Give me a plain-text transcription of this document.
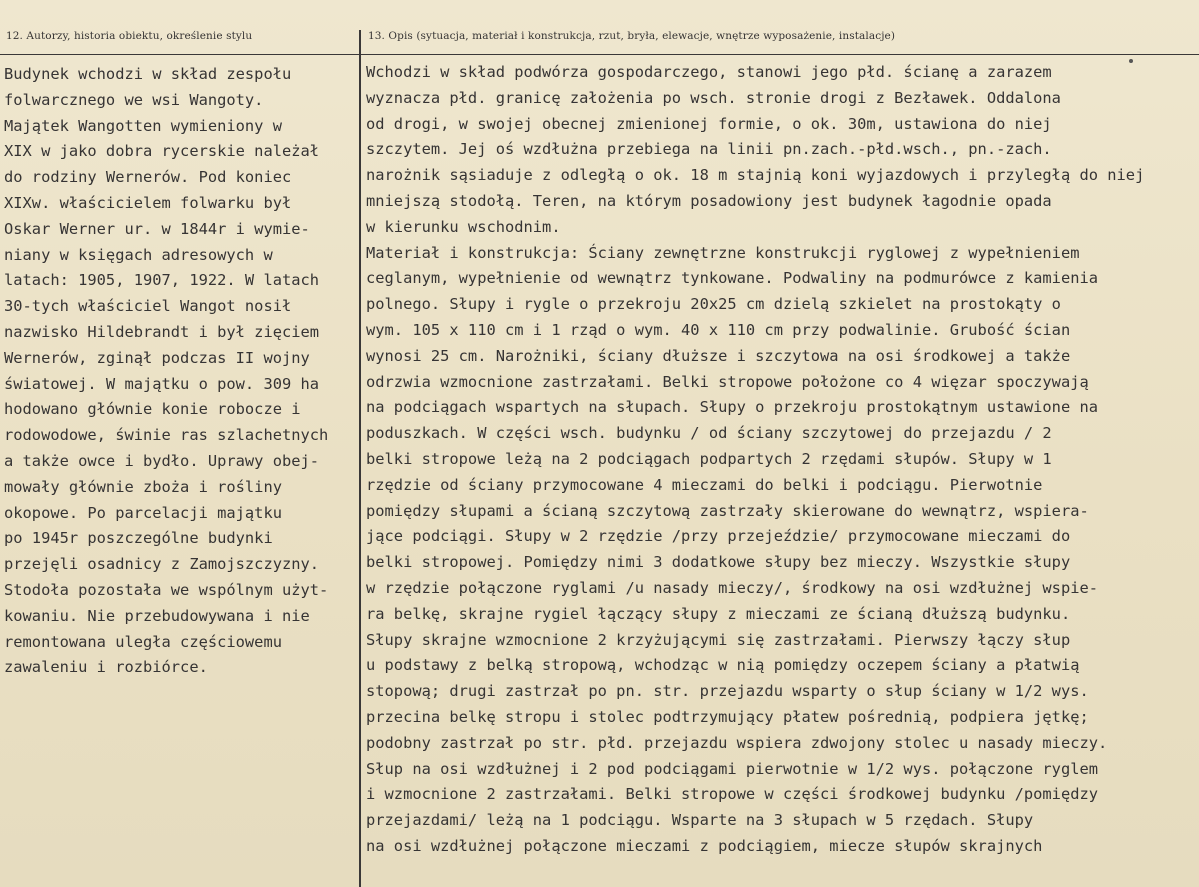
12. Autorzy, historia obiektu, określenie stylu	13. Opis (sytuacja, materiał i konstrukcja, rzut, bryła, elewacje, wnętrze wyposażenie, instalacje)
Budynek wchodzi w skład zespołu
folwarcznego we wsi Wangoty.
Majątek Wangotten wymieniony w
XIX w jako dobra rycerskie należał
do rodziny Wernerów. Pod koniec
XIXw. właścicielem folwarku był
Oskar Werner ur. w 1844r i wymie-
niany w księgach adresowych w
latach: 1905, 1907, 1922. W latach
30-tych właściciel Wangot nosił
nazwisko Hildebrandt i był zięciem
Wernerów, zginął podczas II wojny
światowej. W majątku o pow. 309 ha
hodowano głównie konie robocze i
rodowodowe, świnie ras szlachetnych
a także owce i bydło. Uprawy obej-
mowały głównie zboża i rośliny
okopowe. Po parcelacji majątku
po 1945r poszczególne budynki
przejęli osadnicy z Zamojszczyzny.
Stodoła pozostała we wspólnym użyt-
kowaniu. Nie przebudowywana i nie
remontowana uległa częściowemu
zawaleniu i rozbiórce.
Wchodzi w skład podwórza gospodarczego, stanowi jego płd. ścianę a zarazem
wyznacza płd. granicę założenia po wsch. stronie drogi z Bezławek. Oddalona
od drogi, w swojej obecnej zmienionej formie, o ok. 30m, ustawiona do niej
szczytem. Jej oś wzdłużna przebiega na linii pn.zach.-płd.wsch., pn.-zach.
narożnik sąsiaduje z odległą o ok. 18 m stajnią koni wyjazdowych i przyległą do niej
mniejszą stodołą. Teren, na którym posadowiony jest budynek łagodnie opada
w kierunku wschodnim.
Materiał i konstrukcja: Ściany zewnętrzne konstrukcji ryglowej z wypełnieniem
ceglanym, wypełnienie od wewnątrz tynkowane. Podwaliny na podmurówce z kamienia
polnego. Słupy i rygle o przekroju 20x25 cm dzielą szkielet na prostokąty o
wym. 105 x 110 cm i 1 rząd o wym. 40 x 110 cm przy podwalinie. Grubość ścian
wynosi 25 cm. Narożniki, ściany dłuższe i szczytowa na osi środkowej a także
odrzwia wzmocnione zastrzałami. Belki stropowe położone co 4 więzar spoczywają
na podciągach wspartych na słupach. Słupy o przekroju prostokątnym ustawione na
poduszkach. W części wsch. budynku / od ściany szczytowej do przejazdu / 2
belki stropowe leżą na 2 podciągach podpartych 2 rzędami słupów. Słupy w 1
rzędzie od ściany przymocowane 4 mieczami do belki i podciągu. Pierwotnie
pomiędzy słupami a ścianą szczytową zastrzały skierowane do wewnątrz, wspiera-
jące podciągi. Słupy w 2 rzędzie /przy przejeździe/ przymocowane mieczami do
belki stropowej. Pomiędzy nimi 3 dodatkowe słupy bez mieczy. Wszystkie słupy
w rzędzie połączone ryglami /u nasady mieczy/, środkowy na osi wzdłużnej wspie-
ra belkę, skrajne rygiel łączący słupy z mieczami ze ścianą dłuższą budynku.
Słupy skrajne wzmocnione 2 krzyżującymi się zastrzałami. Pierwszy łączy słup
u podstawy z belką stropową, wchodząc w nią pomiędzy oczepem ściany a płatwią
stopową; drugi zastrzał po pn. str. przejazdu wsparty o słup ściany w 1/2 wys.
przecina belkę stropu i stolec podtrzymujący płatew pośrednią, podpiera jętkę;
podobny zastrzał po str. płd. przejazdu wspiera zdwojony stolec u nasady mieczy.
Słup na osi wzdłużnej i 2 pod podciągami pierwotnie w 1/2 wys. połączone ryglem
i wzmocnione 2 zastrzałami. Belki stropowe w części środkowej budynku /pomiędzy
przejazdami/ leżą na 1 podciągu. Wsparte na 3 słupach w 5 rzędach. Słupy
na osi wzdłużnej połączone mieczami z podciągiem, miecze słupów skrajnych
